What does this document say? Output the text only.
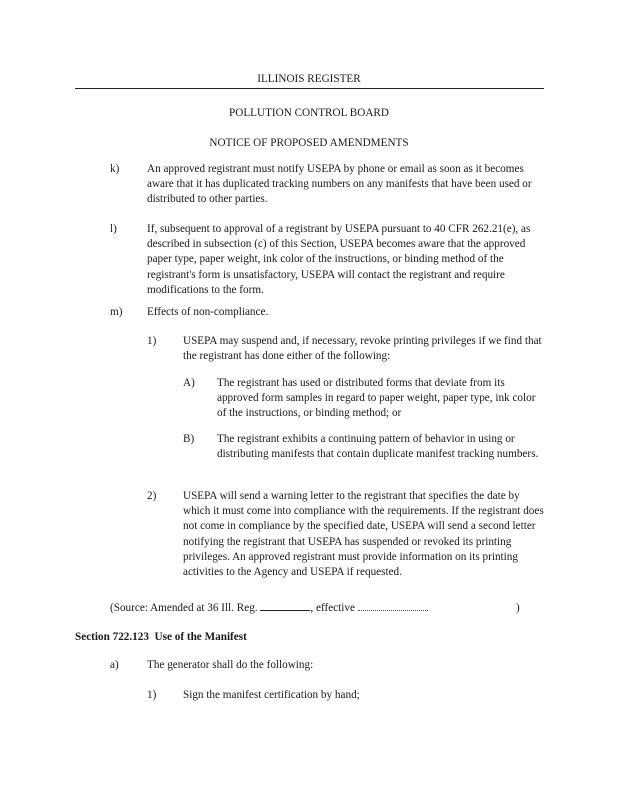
ILLINOIS REGISTER
POLLUTION CONTROL BOARD
NOTICE OF PROPOSED AMENDMENTS
k) An approved registrant must notify USEPA by phone or email as soon as it becomes aware that it has duplicated tracking numbers on any manifests that have been used or distributed to other parties.
l)	If, subsequent to approval of a registrant by USEPA pursuant to 40 CFR 262.21(e), as described in subsection (c) of this Section, USEPA becomes aware that the approved paper type, paper weight, ink color of the instructions, or binding method of the registrant's form is unsatisfactory, USEPA will contact the registrant and require modifications to the form.
m) Effects of non-compliance.
1) USEPA may suspend and, if necessary, revoke printing privileges if we find that the registrant has done either of the following:
A) The registrant has used or distributed forms that deviate from its approved form samples in regard to paper weight, paper type, ink color of the instructions, or binding method; or
B) The registrant exhibits a continuing pattern of behavior in using or distributing manifests that contain duplicate manifest tracking numbers.
2) USEPA will send a warning letter to the registrant that specifies the date by which it must come into compliance with the requirements. If the registrant does not come in compliance by the specified date, USEPA will send a second letter notifying the registrant that USEPA has suspended or revoked its printing privileges. An approved registrant must provide information on its printing activities to the Agency and USEPA if requested.
(Source: Amended at 36 Ill. Reg.	, effective	)
Section 722.123  Use of the Manifest
a)	The generator shall do the following:
1) Sign the manifest certification by hand;
